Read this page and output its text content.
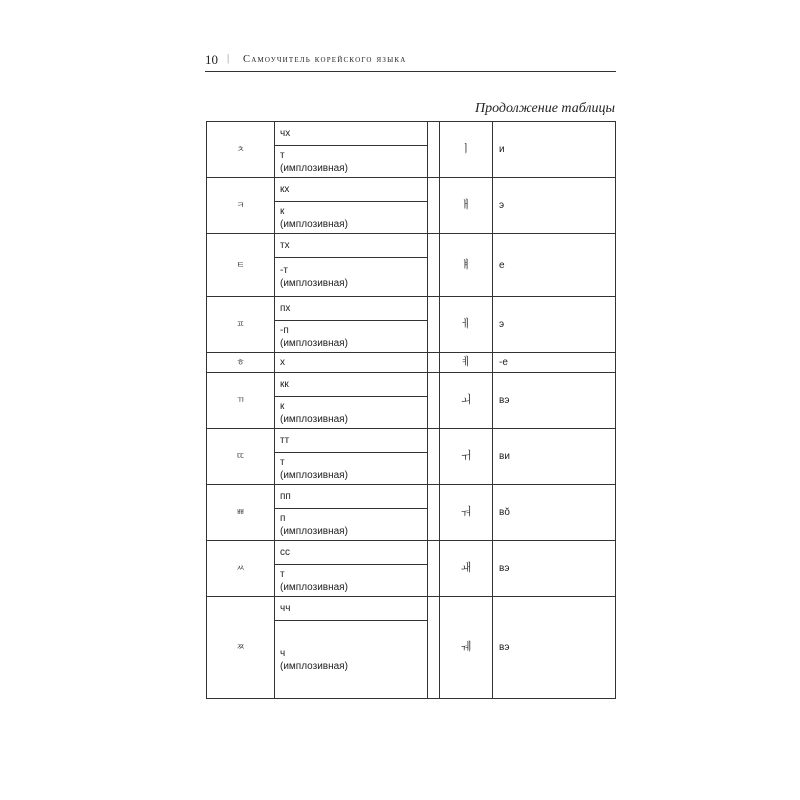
10 | Самоучитель корейского языка
Продолжение таблицы
ㅊ	чх		ㅣ	и
	т
(имплозивная)			
ㅋ	кх		ㅐ	э
	к
(имплозивная)			
ㅌ	тх		ㅒ	е
	-т
(имплозивная)			
ㅍ	пх		ㅔ	э
	-п
(имплозивная)			
ㅎ	х		ㅖ	-е
ㄲ	кк		ㅚ	вэ
	к
(имплозивная)			
ㄸ	тт		ㅟ	ви
	т
(имплозивная)			
ㅃ	пп		ㅝ	вŏ
	п
(имплозивная)			
ㅆ	сс		ㅙ	вэ
	т
(имплозивная)			
ㅉ	чч		ㅞ	вэ
	ч
(имплозивная)			
